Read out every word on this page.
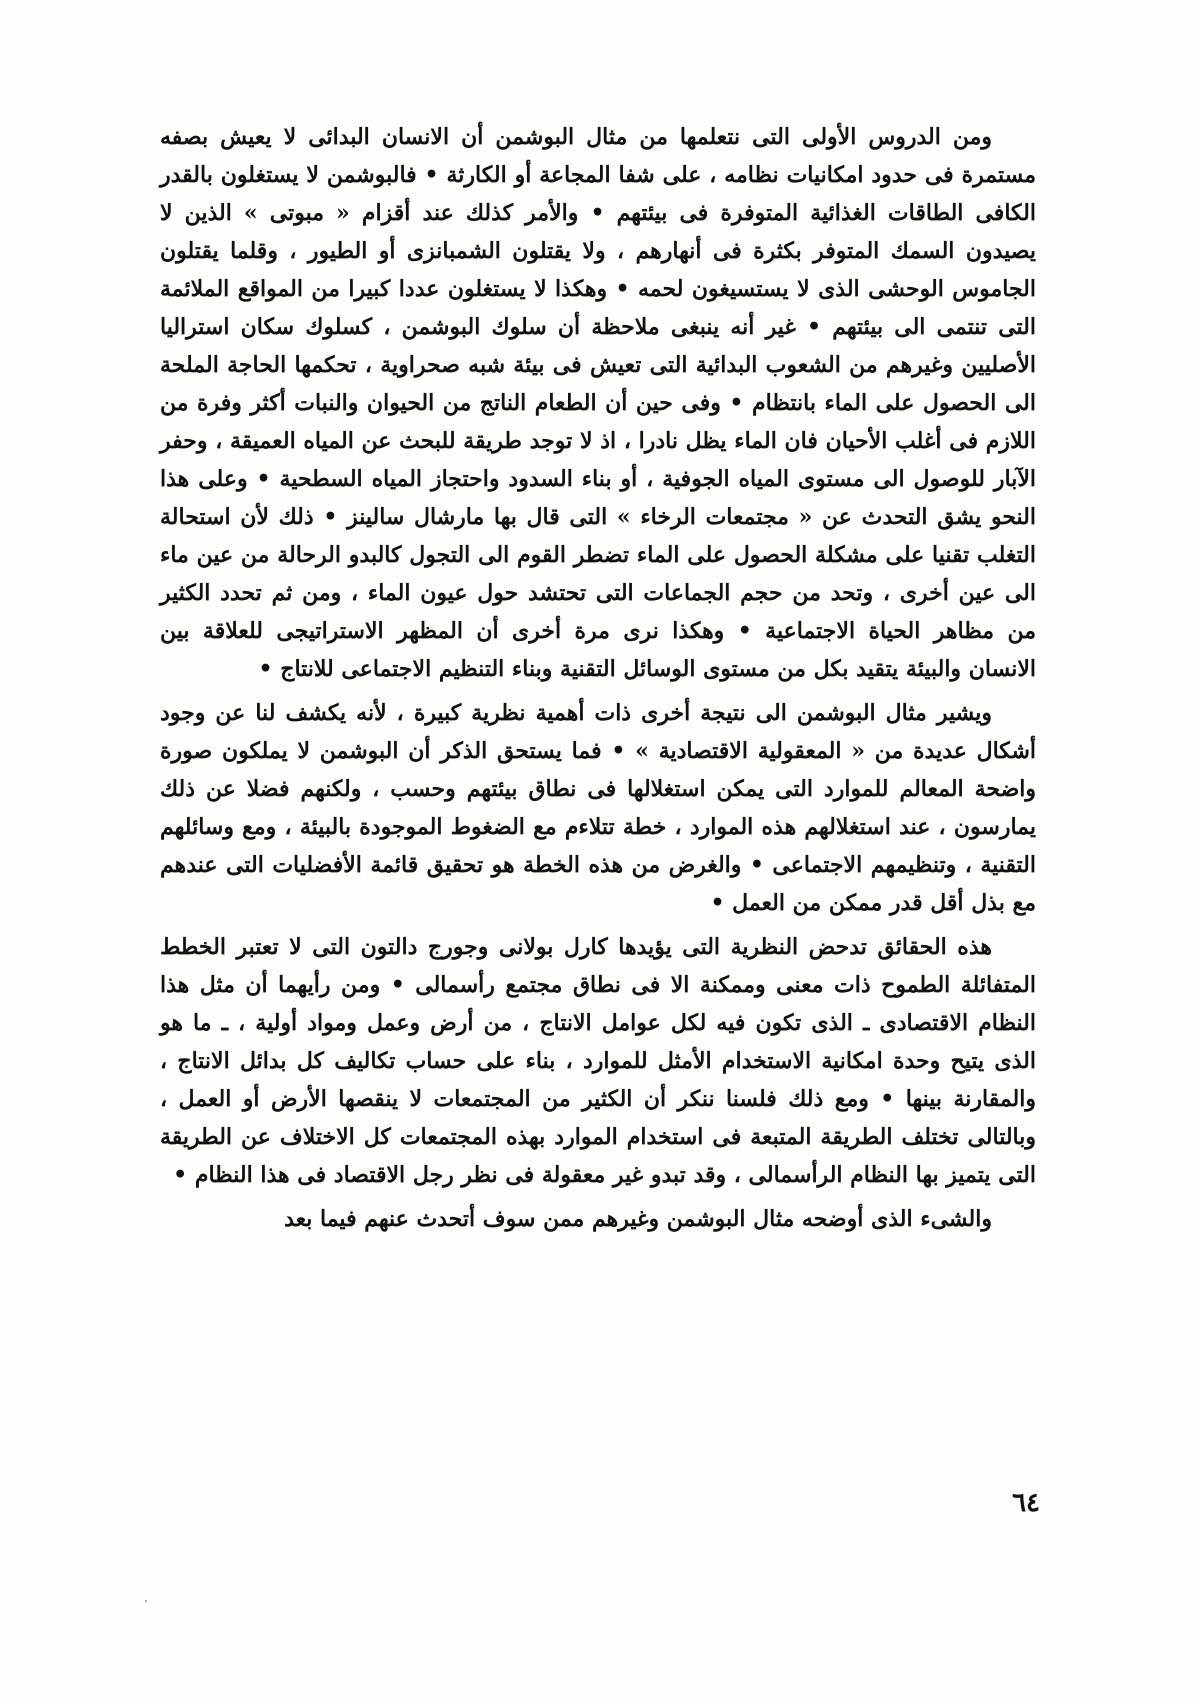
ومن الدروس الأولى التى نتعلمها من مثال البوشمن أن الانسان البدائى لا يعيش بصفه مستمرة فى حدود امكانيات نظامه ، على شفا المجاعة أو الكارثة • فالبوشمن لا يستغلون بالقدر الكافى الطاقات الغذائية المتوفرة فى بيئتهم • والأمر كذلك عند أقزام « مبوتى » الذين لا يصيدون السمك المتوفر بكثرة فى أنهارهم ، ولا يقتلون الشمبانزى أو الطيور ، وقلما يقتلون الجاموس الوحشى الذى لا يستسيغون لحمه • وهكذا لا يستغلون عددا كبيرا من المواقع الملائمة التى تنتمى الى بيئتهم • غير أنه ينبغى ملاحظة أن سلوك البوشمن ، كسلوك سكان استراليا الأصليين وغيرهم من الشعوب البدائية التى تعيش فى بيئة شبه صحراوية ، تحكمها الحاجة الملحة الى الحصول على الماء بانتظام • وفى حين أن الطعام الناتج من الحيوان والنبات أكثر وفرة من اللازم فى أغلب الأحيان فان الماء يظل نادرا ، اذ لا توجد طريقة للبحث عن المياه العميقة ، وحفر الآبار للوصول الى مستوى المياه الجوفية ، أو بناء السدود واحتجاز المياه السطحية • وعلى هذا النحو يشق التحدث عن « مجتمعات الرخاء » التى قال بها مارشال سالينز • ذلك لأن استحالة التغلب تقنيا على مشكلة الحصول على الماء تضطر القوم الى التجول كالبدو الرحالة من عين ماء الى عين أخرى ، وتحد من حجم الجماعات التى تحتشد حول عيون الماء ، ومن ثم تحدد الكثير من مظاهر الحياة الاجتماعية • وهكذا نرى مرة أخرى أن المظهر الاستراتيجى للعلاقة بين الانسان والبيئة يتقيد بكل من مستوى الوسائل التقنية وبناء التنظيم الاجتماعى للانتاج •

ويشير مثال البوشمن الى نتيجة أخرى ذات أهمية نظرية كبيرة ، لأنه يكشف لنا عن وجود أشكال عديدة من « المعقولية الاقتصادية » • فما يستحق الذكر أن البوشمن لا يملكون صورة واضحة المعالم للموارد التى يمكن استغلالها فى نطاق بيئتهم وحسب ، ولكنهم فضلا عن ذلك يمارسون ، عند استغلالهم هذه الموارد ، خطة تتلاءم مع الضغوط الموجودة بالبيئة ، ومع وسائلهم التقنية ، وتنظيمهم الاجتماعى • والغرض من هذه الخطة هو تحقيق قائمة الأفضليات التى عندهم مع بذل أقل قدر ممكن من العمل •

هذه الحقائق تدحض النظرية التى يؤيدها كارل بولانى وجورج دالتون التى لا تعتبر الخطط المتفائلة الطموح ذات معنى وممكنة الا فى نطاق مجتمع رأسمالى • ومن رأيهما أن مثل هذا النظام الاقتصادى ـ الذى تكون فيه لكل عوامل الانتاج ، من أرض وعمل ومواد أولية ، ـ ما هو الذى يتيح وحدة امكانية الاستخدام الأمثل للموارد ، بناء على حساب تكاليف كل بدائل الانتاج ، والمقارنة بينها • ومع ذلك فلسنا ننكر أن الكثير من المجتمعات لا ينقصها الأرض أو العمل ، وبالتالى تختلف الطريقة المتبعة فى استخدام الموارد بهذه المجتمعات كل الاختلاف عن الطريقة التى يتميز بها النظام الرأسمالى ، وقد تبدو غير معقولة فى نظر رجل الاقتصاد فى هذا النظام •

والشىء الذى أوضحه مثال البوشمن وغيرهم ممن سوف أتحدث عنهم فيما بعد

٦٤
